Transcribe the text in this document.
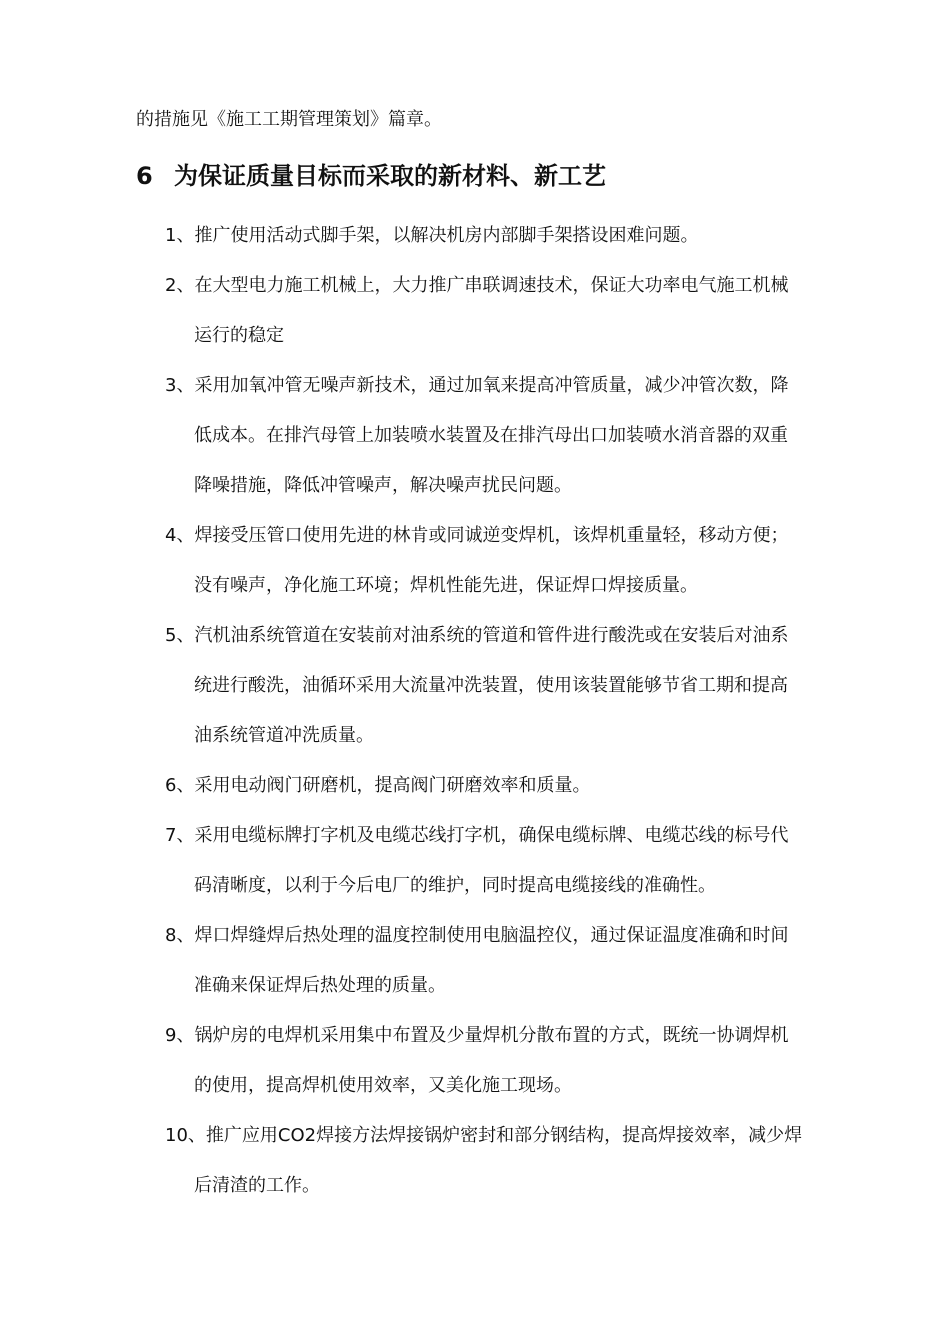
的措施见《施工工期管理策划》篇章。
6 为保证质量目标而采取的新材料、新工艺
1、推广使用活动式脚手架，以解决机房内部脚手架搭设困难问题。
2、在大型电力施工机械上，大力推广串联调速技术，保证大功率电气施工机械
运行的稳定
3、采用加氧冲管无噪声新技术，通过加氧来提高冲管质量，减少冲管次数，降
低成本。在排汽母管上加装喷水装置及在排汽母出口加装喷水消音器的双重
降噪措施，降低冲管噪声，解决噪声扰民问题。
4、焊接受压管口使用先进的林肯或同诚逆变焊机，该焊机重量轻，移动方便；
没有噪声，净化施工环境；焊机性能先进，保证焊口焊接质量。
5、汽机油系统管道在安装前对油系统的管道和管件进行酸洗或在安装后对油系
统进行酸洗，油循环采用大流量冲洗装置，使用该装置能够节省工期和提高
油系统管道冲洗质量。
6、采用电动阀门研磨机，提高阀门研磨效率和质量。
7、采用电缆标牌打字机及电缆芯线打字机，确保电缆标牌、电缆芯线的标号代
码清晰度，以利于今后电厂的维护，同时提高电缆接线的准确性。
8、焊口焊缝焊后热处理的温度控制使用电脑温控仪，通过保证温度准确和时间
准确来保证焊后热处理的质量。
9、锅炉房的电焊机采用集中布置及少量焊机分散布置的方式，既统一协调焊机
的使用，提高焊机使用效率，又美化施工现场。
10、推广应用CO2焊接方法焊接锅炉密封和部分钢结构，提高焊接效率，减少焊
后清渣的工作。
